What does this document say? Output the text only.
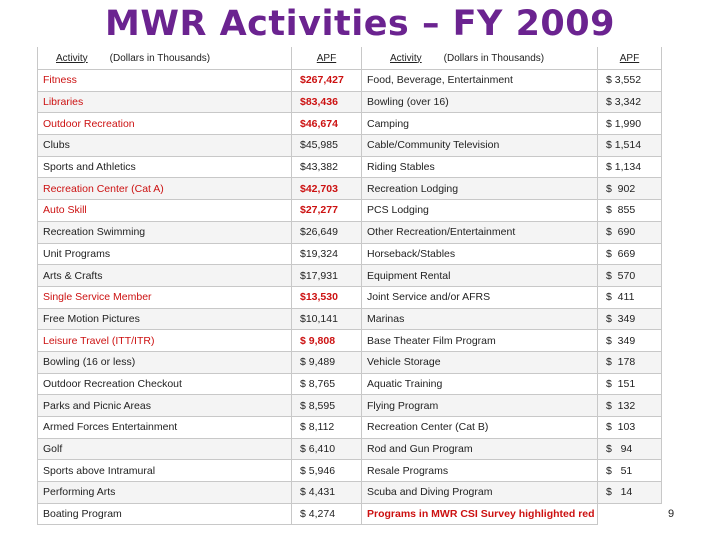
MWR Activities – FY 2009
Activity (Dollars in Thousands)	APF	Activity (Dollars in Thousands)	APF
Fitness	$267,427	Food, Beverage, Entertainment	$ 3,552
Libraries	$83,436	Bowling (over 16)	$ 3,342
Outdoor Recreation	$46,674	Camping	$ 1,990
Clubs	$45,985	Cable/Community Television	$ 1,514
Sports and Athletics	$43,382	Riding Stables	$ 1,134
Recreation Center (Cat A)	$42,703	Recreation Lodging	$  902
Auto Skill	$27,277	PCS Lodging	$  855
Recreation Swimming	$26,649	Other Recreation/Entertainment	$  690
Unit Programs	$19,324	Horseback/Stables	$  669
Arts & Crafts	$17,931	Equipment Rental	$  570
Single Service Member	$13,530	Joint Service and/or AFRS	$  411
Free Motion Pictures	$10,141	Marinas	$  349
Leisure Travel (ITT/ITR)	$ 9,808	Base Theater Film Program	$  349
Bowling (16 or less)	$ 9,489	Vehicle Storage	$  178
Outdoor Recreation Checkout	$ 8,765	Aquatic Training	$  151
Parks and Picnic Areas	$ 8,595	Flying Program	$  132
Armed Forces Entertainment	$ 8,112	Recreation Center (Cat B)	$  103
Golf	$ 6,410	Rod and Gun Program	$   94
Sports above Intramural	$ 5,946	Resale Programs	$   51
Performing Arts	$ 4,431	Scuba and Diving Program	$   14
Boating Program	$ 4,274	Programs in MWR CSI Survey highlighted red		9
